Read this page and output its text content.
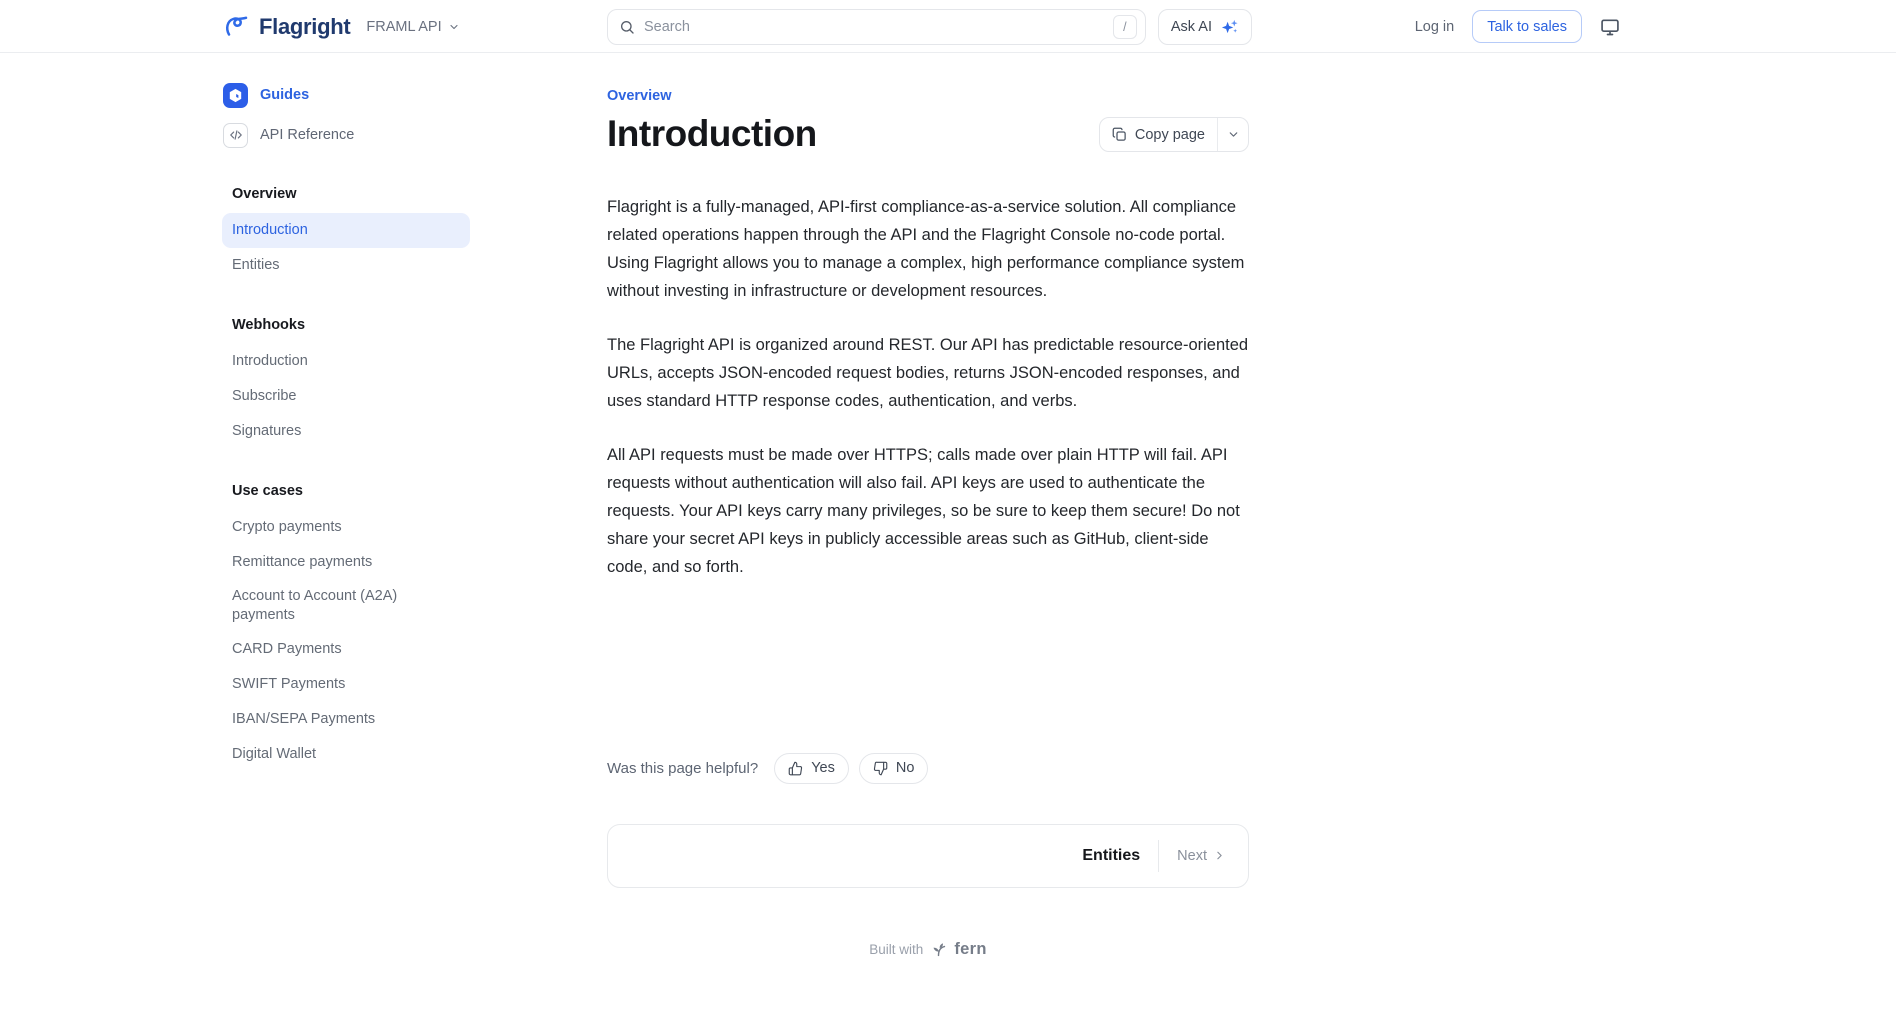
Flagright FRAML API
Search	/	Ask AI	Log in	Talk to sales
Guides
API Reference
Overview
Introduction
Entities
Webhooks
Introduction
Subscribe
Signatures
Use cases
Crypto payments
Remittance payments
Account to Account (A2A) payments
CARD Payments
SWIFT Payments
IBAN/SEPA Payments
Digital Wallet
Overview
Introduction	Copy page

Flagright is a fully-managed, API-first compliance-as-a-service solution. All compliance related operations happen through the API and the Flagright Console no-code portal. Using Flagright allows you to manage a complex, high performance compliance system without investing in infrastructure or development resources.

The Flagright API is organized around REST. Our API has predictable resource-oriented URLs, accepts JSON-encoded request bodies, returns JSON-encoded responses, and uses standard HTTP response codes, authentication, and verbs.

All API requests must be made over HTTPS; calls made over plain HTTP will fail. API requests without authentication will also fail. API keys are used to authenticate the requests. Your API keys carry many privileges, so be sure to keep them secure! Do not share your secret API keys in publicly accessible areas such as GitHub, client-side code, and so forth.

Was this page helpful?	Yes	No
Entities	Next
Built with fern
